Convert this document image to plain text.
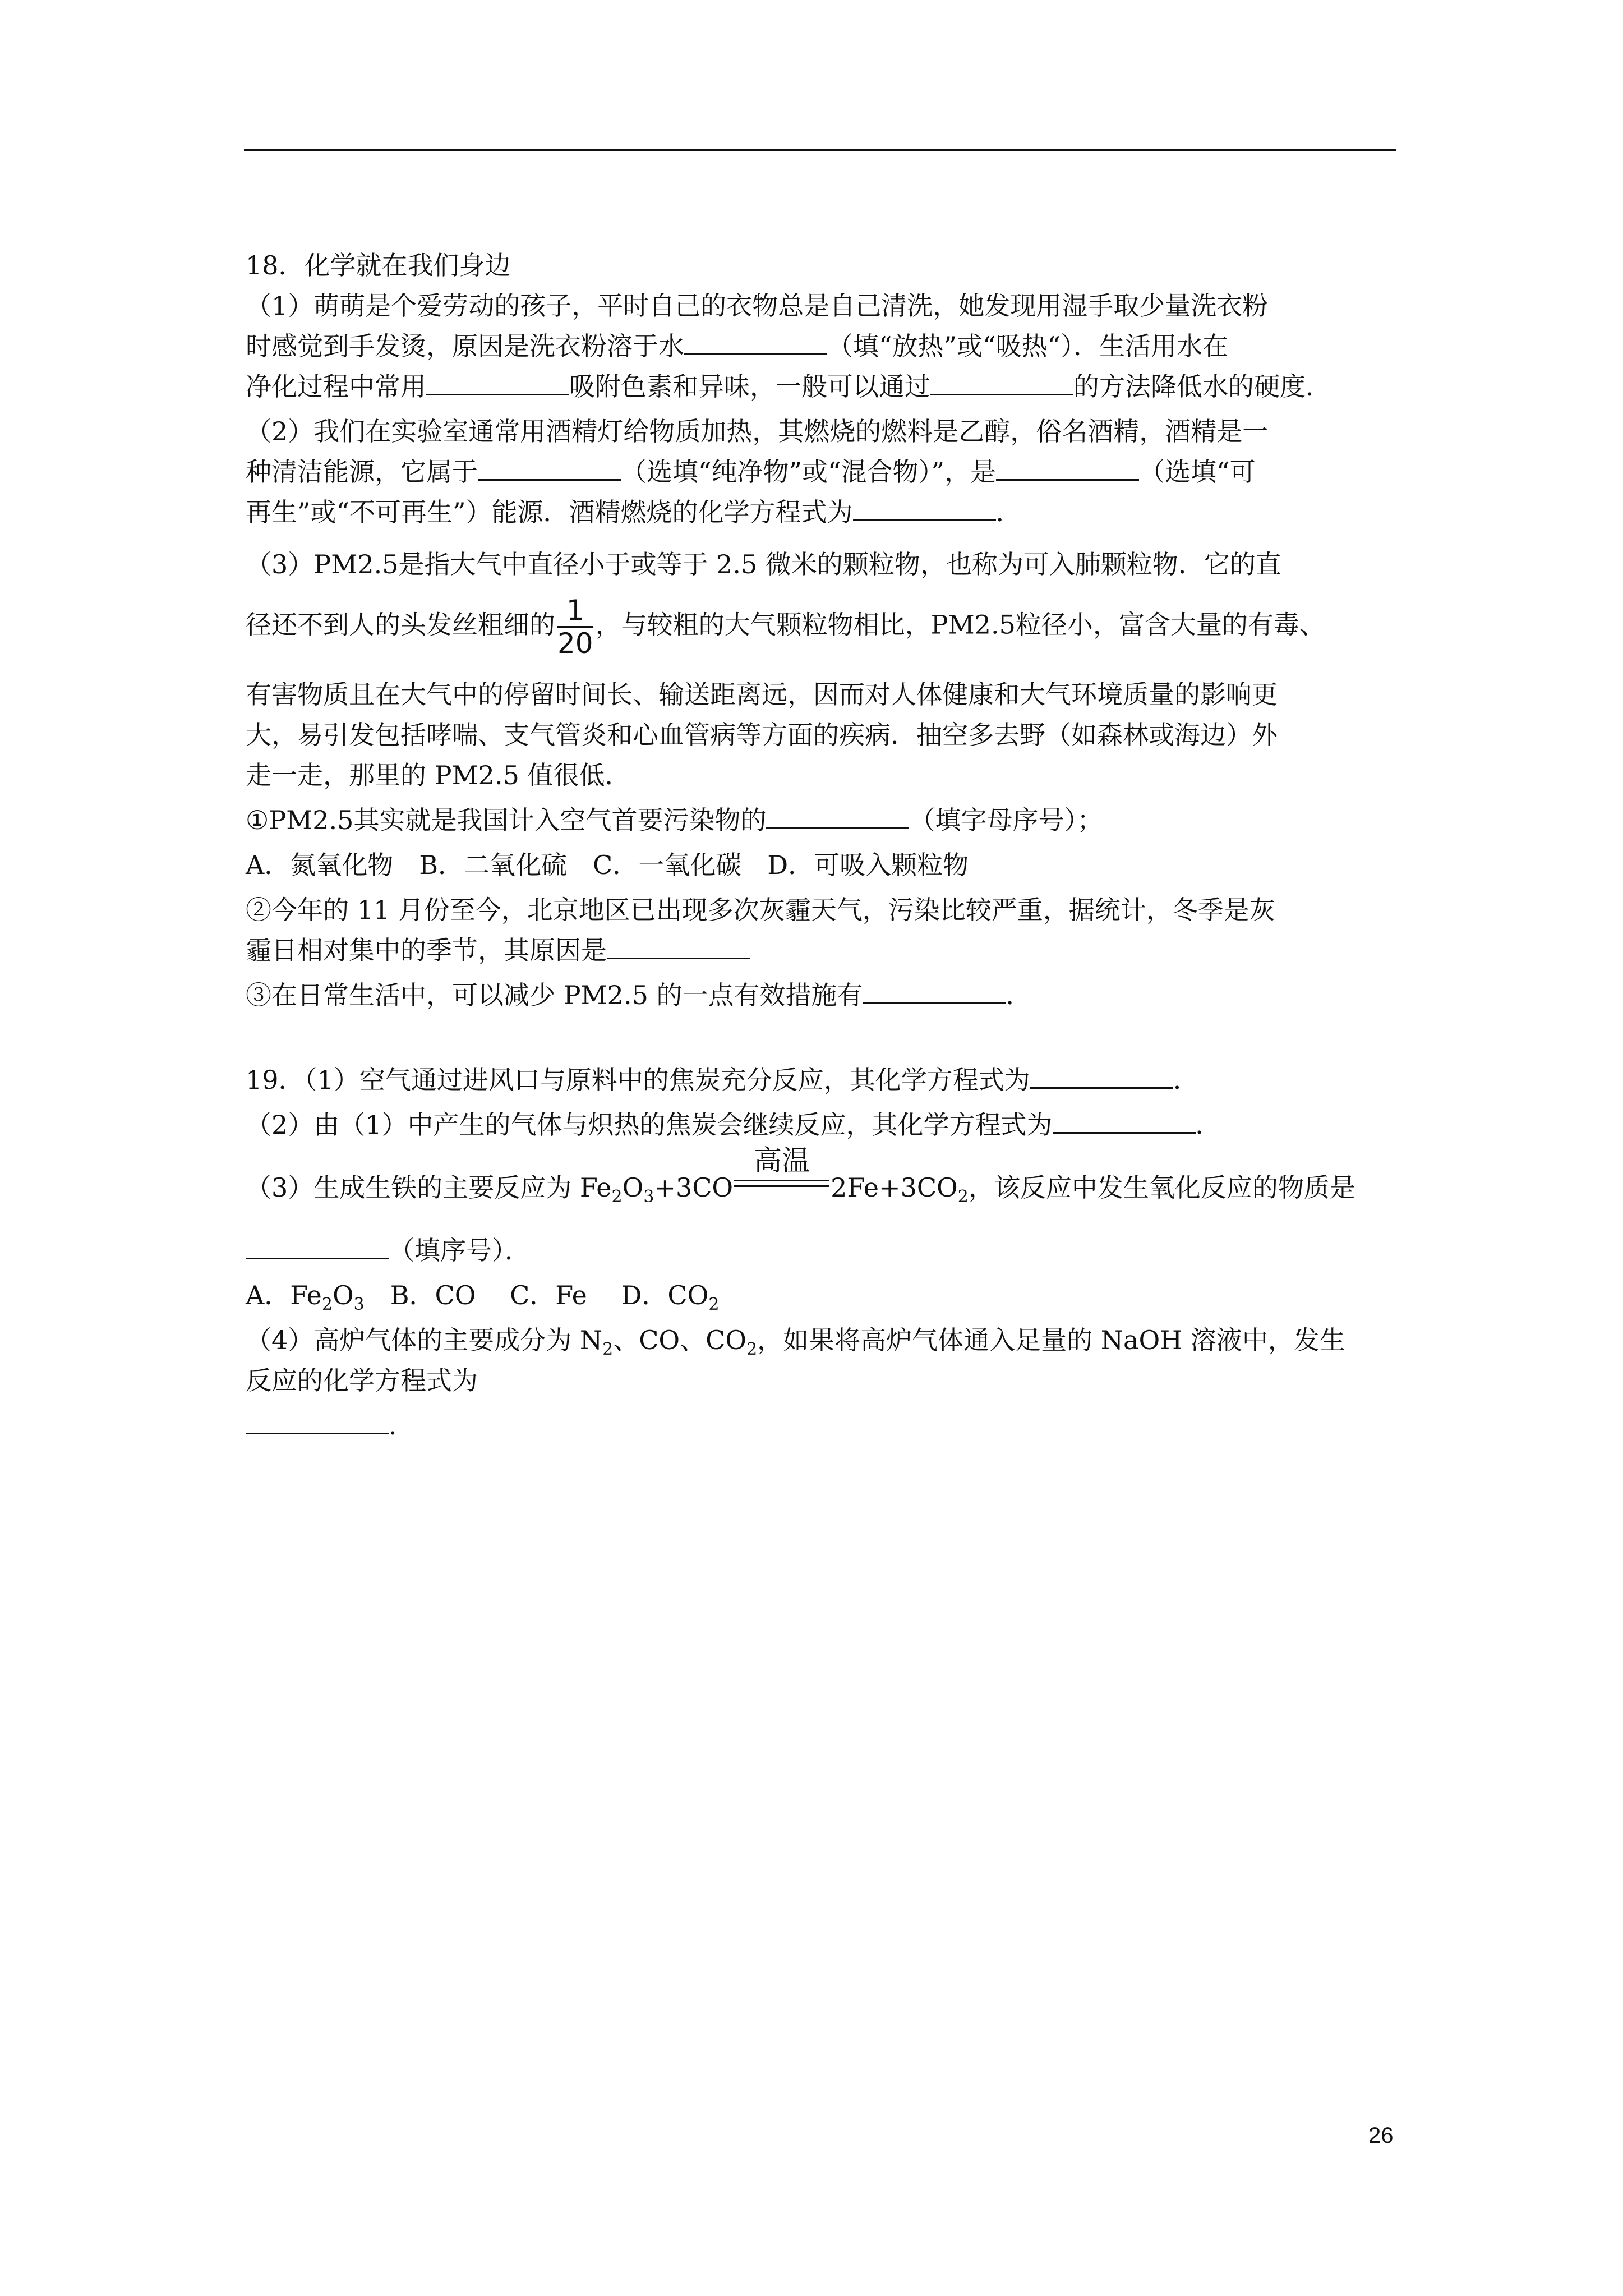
18．化学就在我们身边
（1）萌萌是个爱劳动的孩子，平时自己的衣物总是自己清洗，她发现用湿手取少量洗衣粉
时感觉到手发烫，原因是洗衣粉溶于水	（填“放热”或“吸热“）．生活用水在
净化过程中常用	吸附色素和异味，一般可以通过	的方法降低水的硬度．
（2）我们在实验室通常用酒精灯给物质加热，其燃烧的燃料是乙醇，俗名酒精，酒精是一
种清洁能源，它属于	（选填“纯净物”或“混合物）”，是	（选填“可
再生”或“不可再生”）能源．酒精燃烧的化学方程式为	．
（3）PM2.5是指大气中直径小于或等于 2.5 微米的颗粒物，也称为可入肺颗粒物．它的直
径还不到人的头发丝粗细的 $\frac{1}{20}$ ，与较粗的大气颗粒物相比，PM2.5粒径小，富含大量的有毒、
有害物质且在大气中的停留时间长、输送距离远，因而对人体健康和大气环境质量的影响更
大，易引发包括哮喘、支气管炎和心血管病等方面的疾病．抽空多去野（如森林或海边）外
走一走，那里的 PM2.5 值很低．
①PM2.5其实就是我国计入空气首要污染物的	（填字母序号）；
A．氮氧化物　B．二氧化硫　C．一氧化碳　D．可吸入颗粒物
②今年的 11 月份至今，北京地区已出现多次灰霾天气，污染比较严重，据统计，冬季是灰
霾日相对集中的季节，其原因是
③在日常生活中，可以减少 PM2.5 的一点有效措施有	．
19．（1）空气通过进风口与原料中的焦炭充分反应，其化学方程式为	．
（2）由（1）中产生的气体与炽热的焦炭会继续反应，其化学方程式为	．
（3）生成生铁的主要反应为 $Fe_2O_3+3CO$
高温
$2Fe+3CO_2$，该反应中发生氧化反应的物质是
（填序号）．
A．$Fe_2O_3$　B．CO　 C．Fe　 D．$CO_2$
（4）高炉气体的主要成分为 $N_2$、CO、$CO_2$，如果将高炉气体通入足量的 NaOH 溶液中，发生
反应的化学方程式为
．
26
